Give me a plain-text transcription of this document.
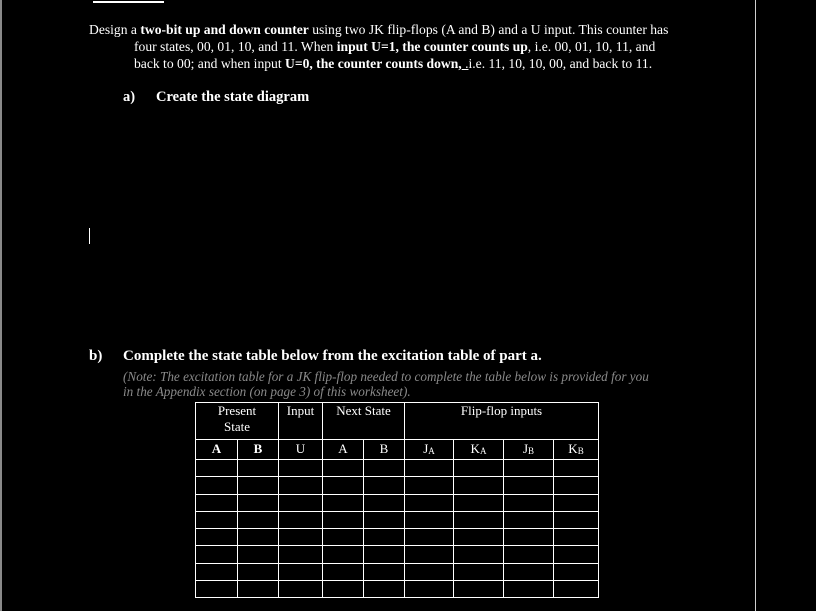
Design a two-bit up and down counter using two JK flip-flops (A and B) and a U input. This counter has
four states, 00, 01, 10, and 11. When input U=1, the counter counts up, i.e. 00, 01, 10, 11, and
back to 00; and when input U=0, the counter counts down, .i.e. 11, 10, 10, 00, and back to 11.
a) Create the state diagram
b) Complete the state table below from the excitation table of part a.
(Note: The excitation table for a JK flip-flop needed to complete the table below is provided for you
in the Appendix section (on page 3) of this worksheet).
Present
State		Input	Next State		Flip-flop inputs			
A	B	U	A	B	$J_A$	$K_A$	$J_B$	$K_B$
